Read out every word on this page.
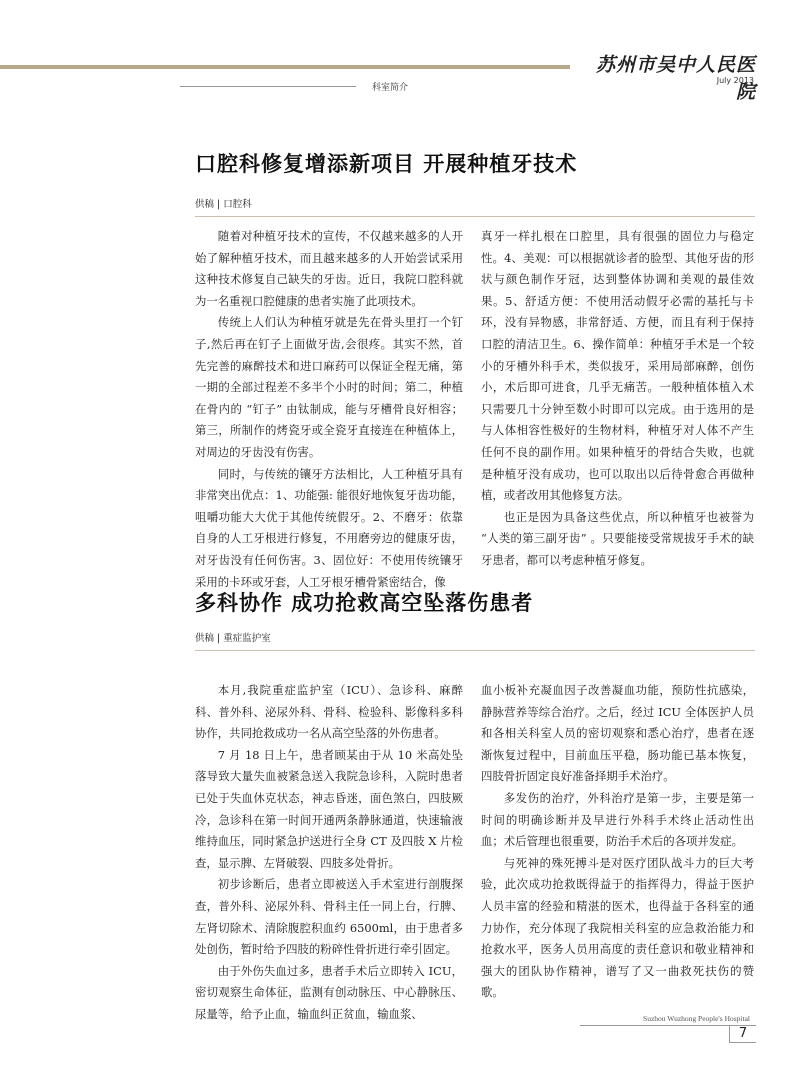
苏州市吴中人民医院
July 2013
科室简介
口腔科修复增添新项目 开展种植牙技术
供稿 | 口腔科

随着对种植牙技术的宣传，不仅越来越多的人开始了解种植牙技术，而且越来越多的人开始尝试采用这种技术修复自己缺失的牙齿。近日，我院口腔科就为一名重视口腔健康的患者实施了此项技术。

传统上人们认为种植牙就是先在骨头里打一个钉子,然后再在钉子上面做牙齿,会很疼。其实不然，首先完善的麻醉技术和进口麻药可以保证全程无痛，第一期的全部过程差不多半个小时的时间；第二，种植在骨内的 “钉子” 由钛制成，能与牙槽骨良好相容；第三，所制作的烤瓷牙或全瓷牙直接连在种植体上，对周边的牙齿没有伤害。

同时，与传统的镶牙方法相比，人工种植牙具有非常突出优点：1、功能强: 能很好地恢复牙齿功能，咀嚼功能大大优于其他传统假牙。2、不磨牙：依靠自身的人工牙根进行修复，不用磨旁边的健康牙齿，对牙齿没有任何伤害。3、固位好：不使用传统镶牙采用的卡环或牙套，人工牙根牙槽骨紧密结合，像

真牙一样扎根在口腔里，具有很强的固位力与稳定性。4、美观：可以根据就诊者的脸型、其他牙齿的形状与颜色制作牙冠，达到整体协调和美观的最佳效果。5、舒适方便：不使用活动假牙必需的基托与卡环，没有异物感，非常舒适、方便，而且有利于保持口腔的清洁卫生。6、操作简单：种植牙手术是一个较小的牙槽外科手术，类似拔牙，采用局部麻醉，创伤小，术后即可进食，几乎无痛苦。一般种植体植入术只需要几十分钟至数小时即可以完成。由于选用的是与人体相容性极好的生物材料，种植牙对人体不产生任何不良的副作用。如果种植牙的骨结合失败，也就是种植牙没有成功，也可以取出以后待骨愈合再做种植，或者改用其他修复方法。

也正是因为具备这些优点，所以种植牙也被誉为 “人类的第三副牙齿” 。只要能接受常规拔牙手术的缺牙患者，都可以考虑种植牙修复。

多科协作 成功抢救高空坠落伤患者
供稿 | 重症监护室

本月,我院重症监护室（ICU）、急诊科、麻醉科、普外科、泌尿外科、骨科、检验科、影像科多科协作，共同抢救成功一名从高空坠落的外伤患者。

7 月 18 日上午，患者顾某由于从 10 米高处坠落导致大量失血被紧急送入我院急诊科，入院时患者已处于失血休克状态，神志昏迷，面色煞白，四肢厥冷，急诊科在第一时间开通两条静脉通道，快速输液维持血压，同时紧急护送进行全身 CT 及四肢 X 片检查，显示脾、左肾破裂、四肢多处骨折。

初步诊断后，患者立即被送入手术室进行剖腹探查，普外科、泌尿外科、骨科主任一同上台，行脾、左肾切除术、清除腹腔积血约 6500ml，由于患者多处创伤，暂时给予四肢的粉碎性骨折进行牵引固定。

由于外伤失血过多，患者手术后立即转入 ICU，密切观察生命体征，监测有创动脉压、中心静脉压、尿量等，给予止血，输血纠正贫血，输血浆、

血小板补充凝血因子改善凝血功能，预防性抗感染，静脉营养等综合治疗。之后，经过 ICU 全体医护人员和各相关科室人员的密切观察和悉心治疗，患者在逐渐恢复过程中，目前血压平稳，肠功能已基本恢复，四肢骨折固定良好准备择期手术治疗。

多发伤的治疗，外科治疗是第一步，主要是第一时间的明确诊断并及早进行外科手术终止活动性出血；术后管理也很重要，防治手术后的各项并发症。

与死神的殊死搏斗是对医疗团队战斗力的巨大考验，此次成功抢救既得益于的指挥得力，得益于医护人员丰富的经验和精湛的医术，也得益于各科室的通力协作，充分体现了我院相关科室的应急救治能力和抢救水平，医务人员用高度的责任意识和敬业精神和强大的团队协作精神，谱写了又一曲救死扶伤的赞歌。

Suzhou Wuzhong People's Hospital
7
